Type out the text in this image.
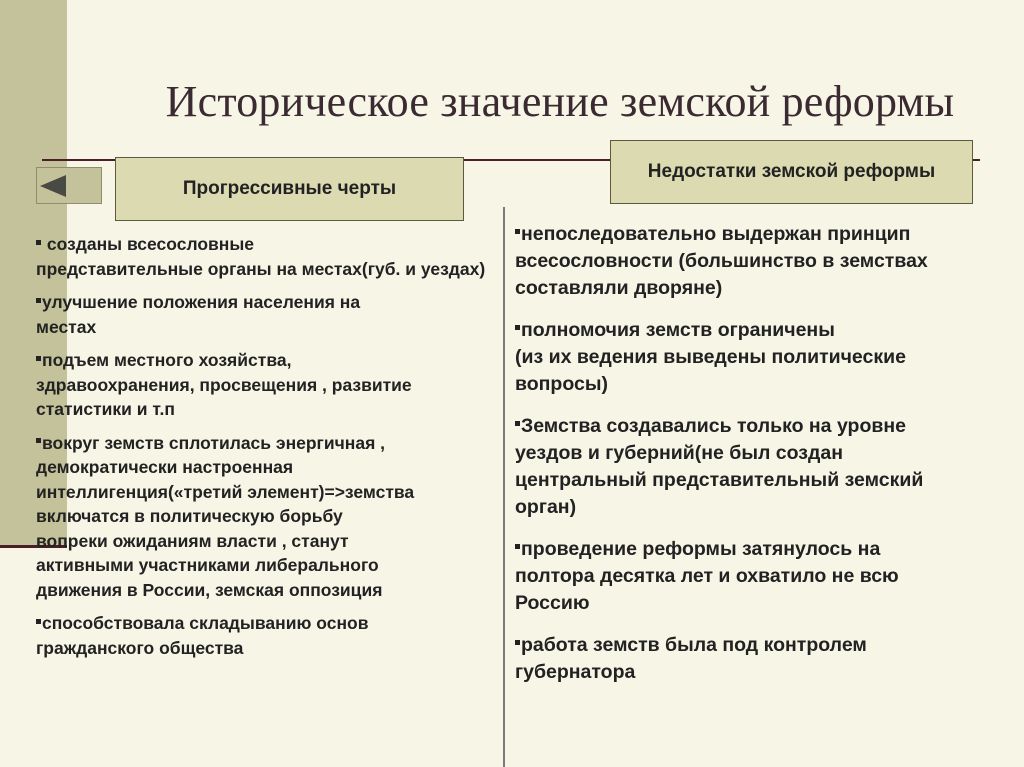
Историческое значение земской реформы
Прогрессивные черты
Недостатки земской реформы

созданы всесословные
представительные органы на местах(губ. и уездах)

улучшение положения населения на
местах

подъем местного хозяйства,
здравоохранения, просвещения , развитие
статистики и т.п

вокруг земств сплотилась энергичная ,
демократически настроенная
интеллигенция(«третий элемент)=>земства
включатся в политическую борьбу
вопреки ожиданиям власти , станут
активными участниками либерального
движения в России, земская оппозиция

способствовала складыванию основ
гражданского общества

непоследовательно выдержан принцип
всесословности (большинство в земствах
составляли дворяне)

полномочия земств ограничены
(из их ведения выведены политические
вопросы)

Земства создавались только на уровне
уездов и губерний(не был создан
центральный представительный земский
орган)

проведение реформы затянулось на
полтора десятка лет и охватило не всю
Россию

работа земств была под контролем
губернатора
